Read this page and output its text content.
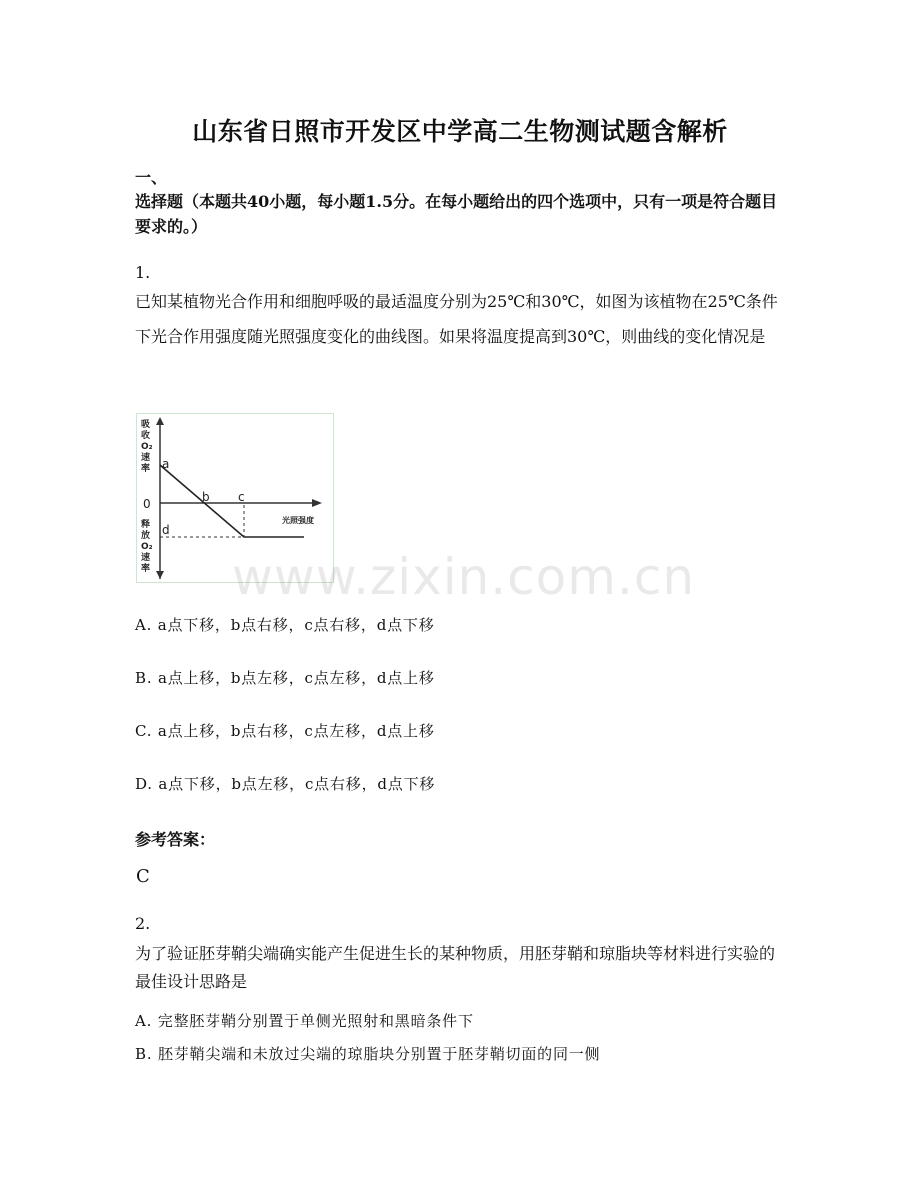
山东省日照市开发区中学高二生物测试题含解析
一、
选择题（本题共40小题，每小题1.5分。在每小题给出的四个选项中，只有一项是符合题目要求的。）
1.
已知某植物光合作用和细胞呼吸的最适温度分别为25℃和30℃，如图为该植物在25℃条件下光合作用强度随光照强度变化的曲线图。如果将温度提高到30℃，则曲线的变化情况是
吸
收
O₂
速
率
释
放
O₂
速
率
光照强度
0
a
b c
d
A. a点下移，b点右移，c点右移，d点下移
B. a点上移，b点左移，c点左移，d点上移
C. a点上移，b点右移，c点左移，d点上移
D. a点下移，b点左移，c点右移，d点下移
参考答案：
C
2.
为了验证胚芽鞘尖端确实能产生促进生长的某种物质，用胚芽鞘和琼脂块等材料进行实验的最佳设计思路是
A. 完整胚芽鞘分别置于单侧光照射和黑暗条件下
B. 胚芽鞘尖端和未放过尖端的琼脂块分别置于胚芽鞘切面的同一侧
www.zixin.com.cn
